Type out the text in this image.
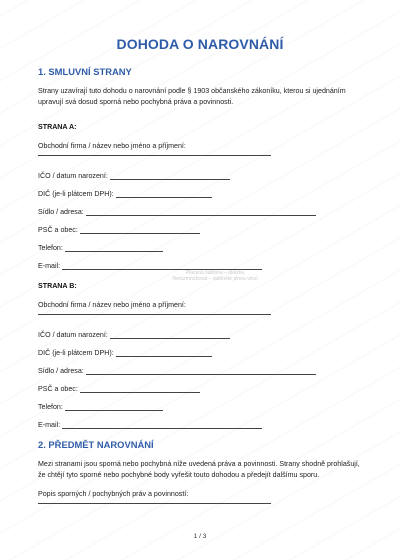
DOHODA O NAROVNÁNÍ
1. SMLUVNÍ STRANY
Strany uzavírají tuto dohodu o narovnání podle § 1903 občanského zákoníku, kterou si ujednáním upravují svá dosud sporná nebo pochybná práva a povinnosti.
STRANA A:
Obchodní firma / název nebo jméno a příjmení:
IČO / datum narození:
DIČ (je-li plátcem DPH):
Sídlo / adresa:
PSČ a obec:
Telefon:
E-mail:
STRANA B:
Obchodní firma / název nebo jméno a příjmení:
IČO / datum narození:
DIČ (je-li plátcem DPH):
Sídlo / adresa:
PSČ a obec:
Telefon:
E-mail:
2. PŘEDMĚT NAROVNÁNÍ
Mezi stranami jsou sporná nebo pochybná níže uvedená práva a povinnosti. Strany shodně prohlašují, že chtějí tyto sporné nebo pochybné body vyřešit touto dohodou a předejít dalšímu sporu.
Popis sporných / pochybných práv a povinností:
Placená šablona – ukázka
Nerozmnožovat – stáhněte plnou verzi
1 / 3
